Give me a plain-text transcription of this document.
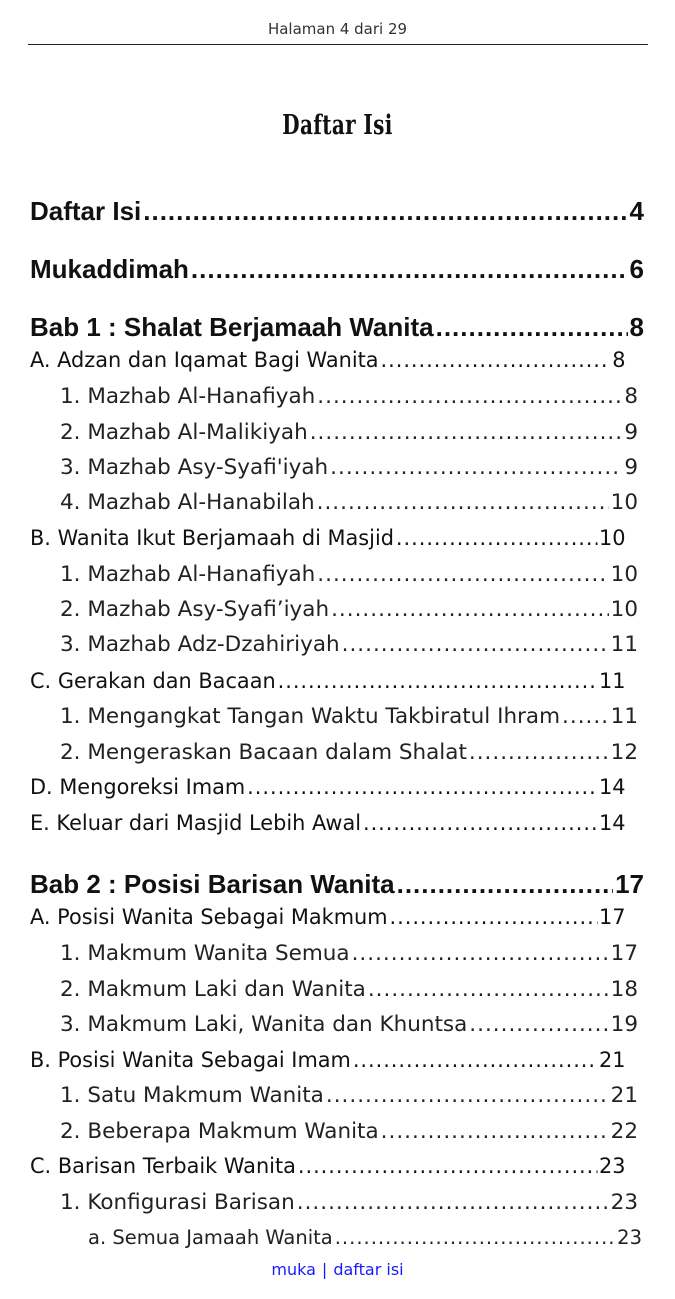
Halaman 4 dari 29
Daftar Isi
Daftar Isi .....	4
Mukaddimah .....	6
Bab 1 : Shalat Berjamaah Wanita .....	8
A. Adzan dan Iqamat Bagi Wanita .....	8
1. Mazhab Al-Hanafiyah .....	8
2. Mazhab Al-Malikiyah .....	9
3. Mazhab Asy-Syafi'iyah .....	9
4. Mazhab Al-Hanabilah .....	10
B. Wanita Ikut Berjamaah di Masjid .....	10
1. Mazhab Al-Hanafiyah .....	10
2. Mazhab Asy-Syafi’iyah .....	10
3. Mazhab Adz-Dzahiriyah .....	11
C. Gerakan dan Bacaan .....	11
1. Mengangkat Tangan Waktu Takbiratul Ihram ..... 11
2. Mengeraskan Bacaan dalam Shalat .....	12
D. Mengoreksi Imam .....	14
E. Keluar dari Masjid Lebih Awal .....	14
Bab 2 : Posisi Barisan Wanita .....	17
A. Posisi Wanita Sebagai Makmum .....	17
1. Makmum Wanita Semua .....	17
2. Makmum Laki dan Wanita .....	18
3. Makmum Laki, Wanita dan Khuntsa .....	19
B. Posisi Wanita Sebagai Imam .....	21
1. Satu Makmum Wanita .....	21
2. Beberapa Makmum Wanita .....	22
C. Barisan Terbaik Wanita .....	23
1. Konfigurasi Barisan .....	23
a. Semua Jamaah Wanita .....	23
muka | daftar isi
